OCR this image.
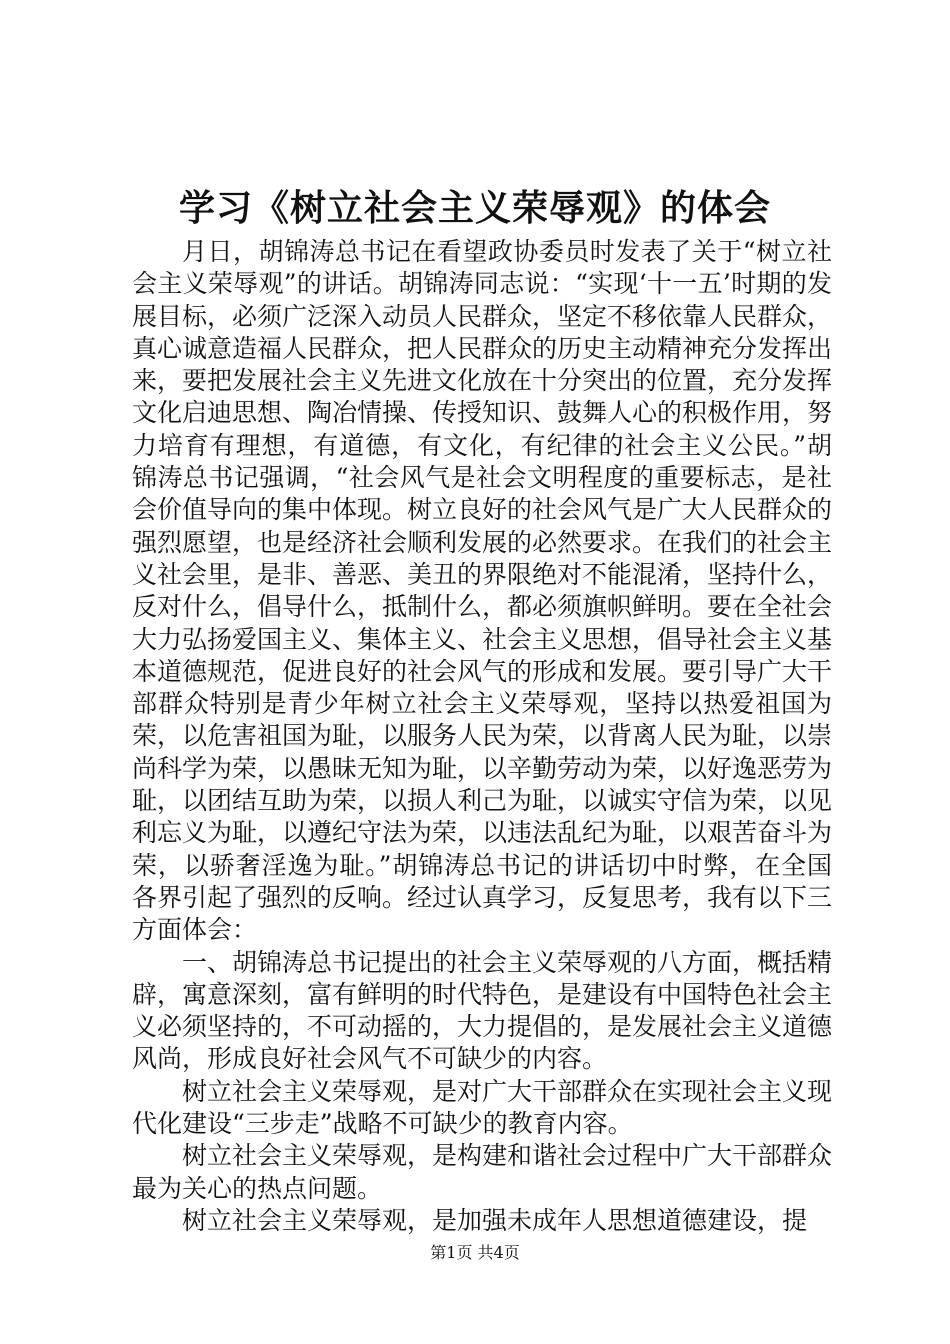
学习《树立社会主义荣辱观》的体会

月日，胡锦涛总书记在看望政协委员时发表了关于“树立社会主义荣辱观”的讲话。胡锦涛同志说：“实现‘十一五’时期的发展目标，必须广泛深入动员人民群众，坚定不移依靠人民群众，真心诚意造福人民群众，把人民群众的历史主动精神充分发挥出来，要把发展社会主义先进文化放在十分突出的位置，充分发挥文化启迪思想、陶冶情操、传授知识、鼓舞人心的积极作用，努力培育有理想，有道德，有文化，有纪律的社会主义公民。”胡锦涛总书记强调，“社会风气是社会文明程度的重要标志，是社会价值导向的集中体现。树立良好的社会风气是广大人民群众的强烈愿望，也是经济社会顺利发展的必然要求。在我们的社会主义社会里，是非、善恶、美丑的界限绝对不能混淆，坚持什么，反对什么，倡导什么，抵制什么，都必须旗帜鲜明。要在全社会大力弘扬爱国主义、集体主义、社会主义思想，倡导社会主义基本道德规范，促进良好的社会风气的形成和发展。要引导广大干部群众特别是青少年树立社会主义荣辱观，坚持以热爱祖国为荣，以危害祖国为耻，以服务人民为荣，以背离人民为耻，以崇尚科学为荣，以愚昧无知为耻，以辛勤劳动为荣，以好逸恶劳为耻，以团结互助为荣，以损人利己为耻，以诚实守信为荣，以见利忘义为耻，以遵纪守法为荣，以违法乱纪为耻，以艰苦奋斗为荣，以骄奢淫逸为耻。”胡锦涛总书记的讲话切中时弊，在全国各界引起了强烈的反响。经过认真学习，反复思考，我有以下三方面体会：

一、胡锦涛总书记提出的社会主义荣辱观的八方面，概括精辟，寓意深刻，富有鲜明的时代特色，是建设有中国特色社会主义必须坚持的，不可动摇的，大力提倡的，是发展社会主义道德风尚，形成良好社会风气不可缺少的内容。

树立社会主义荣辱观，是对广大干部群众在实现社会主义现代化建设“三步走”战略不可缺少的教育内容。

树立社会主义荣辱观，是构建和谐社会过程中广大干部群众最为关心的热点问题。

树立社会主义荣辱观，是加强未成年人思想道德建设，提

第1页 共4页
